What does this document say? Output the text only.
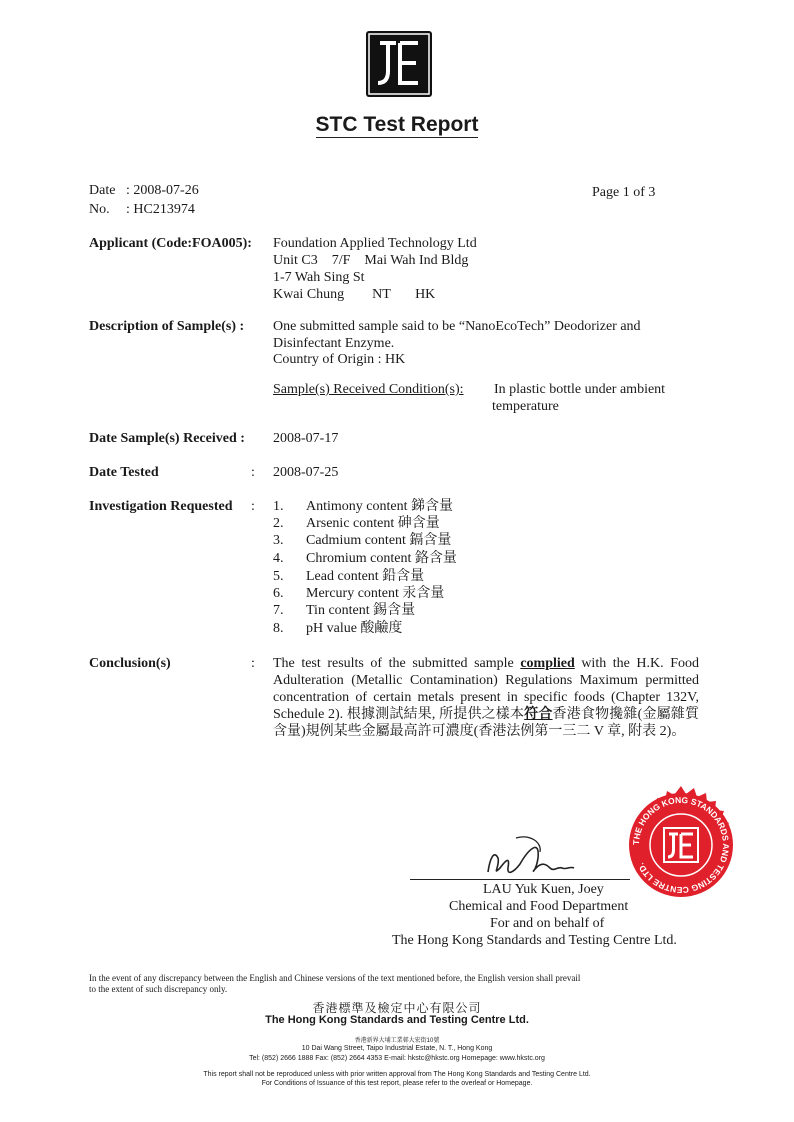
STC Test Report
Date : 2008-07-26
No. : HC213974
Page 1 of 3
Applicant (Code:FOA005):	Foundation Applied Technology Ltd
Unit C3    7/F    Mai Wah Ind Bldg
1-7 Wah Sing St
Kwai Chung        NT       HK
Description of Sample(s) :	One submitted sample said to be “NanoEcoTech” Deodorizer and
Disinfectant Enzyme.
Country of Origin : HK
Sample(s) Received Condition(s): In plastic bottle under ambient
temperature
Date Sample(s) Received :	2008-07-17
Date Tested	:	2008-07-25
Investigation Requested	:	1. Antimony content 銻含量
2. Arsenic content 砷含量
3. Cadmium content 鎘含量
4. Chromium content 鉻含量
5. Lead content 鉛含量
6. Mercury content 汞含量
7. Tin content 錫含量
8. pH value 酸鹼度
Conclusion(s)	:	The test results of the submitted sample complied with the H.K. Food Adulteration (Metallic Contamination) Regulations Maximum permitted concentration of certain metals present in specific foods (Chapter 132V, Schedule 2). 根據測試結果, 所提供之樣本符合香港食物攙雜(金屬雜質含量)規例某些金屬最高許可濃度(香港法例第一三二 V 章, 附表 2)。
THE HONG KONG STANDARDS AND TESTING CENTRE LTD.
LAU Yuk Kuen, Joey
Chemical and Food Department
For and on behalf of
The Hong Kong Standards and Testing Centre Ltd.
In the event of any discrepancy between the English and Chinese versions of the text mentioned before, the English version shall prevail
to the extent of such discrepancy only.
香港標準及檢定中心有限公司
The Hong Kong Standards and Testing Centre Ltd.
香港新界大埔工業邨大宏街10號
10 Dai Wang Street, Taipo Industrial Estate, N. T., Hong Kong
Tel: (852) 2666 1888 Fax: (852) 2664 4353 E-mail: hkstc@hkstc.org Homepage: www.hkstc.org
This report shall not be reproduced unless with prior written approval from The Hong Kong Standards and Testing Centre Ltd.
For Conditions of Issuance of this test report, please refer to the overleaf or Homepage.
